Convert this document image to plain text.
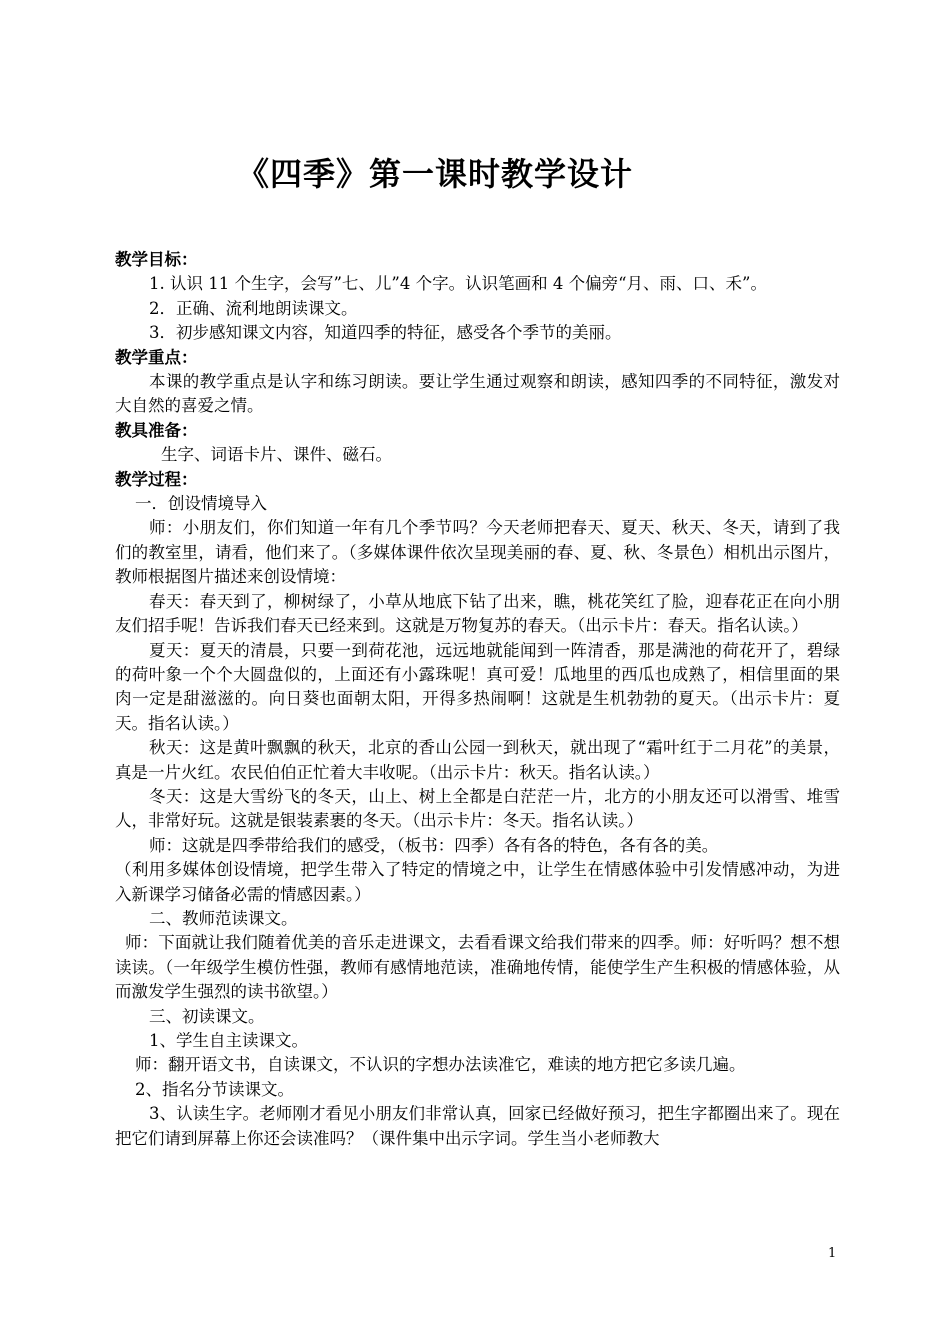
《四季》第一课时教学设计

教学目标：

1. 认识 11 个生字，会写”七、儿”4 个字。认识笔画和 4 个偏旁“月、雨、口、禾”。

2．正确、流利地朗读课文。

3．初步感知课文内容，知道四季的特征，感受各个季节的美丽。

教学重点：

本课的教学重点是认字和练习朗读。要让学生通过观察和朗读，感知四季的不同特征，激发对大自然的喜爱之情。

教具准备：

生字、词语卡片、课件、磁石。

教学过程：

一．创设情境导入

师：小朋友们，你们知道一年有几个季节吗？今天老师把春天、夏天、秋天、冬天，请到了我们的教室里，请看，他们来了。（多媒体课件依次呈现美丽的春、夏、秋、冬景色）相机出示图片，教师根据图片描述来创设情境：

春天：春天到了，柳树绿了，小草从地底下钻了出来，瞧，桃花笑红了脸，迎春花正在向小朋友们招手呢！告诉我们春天已经来到。这就是万物复苏的春天。（出示卡片：春天。指名认读。）

夏天：夏天的清晨，只要一到荷花池，远远地就能闻到一阵清香，那是满池的荷花开了，碧绿的荷叶象一个个大圆盘似的，上面还有小露珠呢！真可爱！瓜地里的西瓜也成熟了，相信里面的果肉一定是甜滋滋的。向日葵也面朝太阳，开得多热闹啊！这就是生机勃勃的夏天。（出示卡片：夏天。指名认读。）

秋天：这是黄叶飘飘的秋天，北京的香山公园一到秋天，就出现了“霜叶红于二月花”的美景，真是一片火红。农民伯伯正忙着大丰收呢。（出示卡片：秋天。指名认读。）

冬天：这是大雪纷飞的冬天，山上、树上全都是白茫茫一片，北方的小朋友还可以滑雪、堆雪人，非常好玩。这就是银装素裹的冬天。（出示卡片：冬天。指名认读。）

师：这就是四季带给我们的感受，（板书：四季）各有各的特色，各有各的美。

（利用多媒体创设情境，把学生带入了特定的情境之中，让学生在情感体验中引发情感冲动，为进入新课学习储备必需的情感因素。）

二、教师范读课文。

师：下面就让我们随着优美的音乐走进课文，去看看课文给我们带来的四季。师：好听吗？想不想读读。（一年级学生模仿性强，教师有感情地范读，准确地传情，能使学生产生积极的情感体验，从而激发学生强烈的读书欲望。）

三、初读课文。

1、学生自主读课文。

师：翻开语文书，自读课文，不认识的字想办法读准它，难读的地方把它多读几遍。

2、指名分节读课文。

3、认读生字。老师刚才看见小朋友们非常认真，回家已经做好预习，把生字都圈出来了。现在把它们请到屏幕上你还会读准吗？（课件集中出示字词。学生当小老师教大

1
